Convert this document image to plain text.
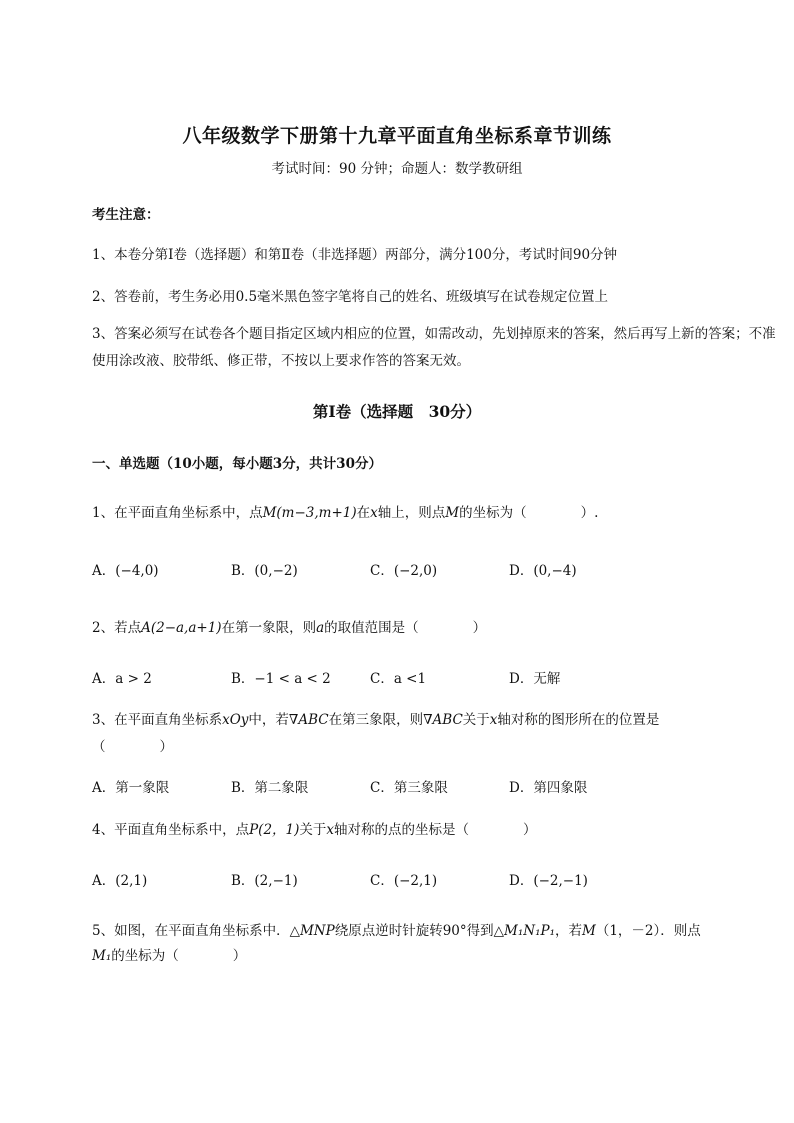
八年级数学下册第十九章平面直角坐标系章节训练
考试时间：90 分钟；命题人：数学教研组
考生注意：
1、本卷分第Ⅰ卷（选择题）和第Ⅱ卷（非选择题）两部分，满分100分，考试时间90分钟
2、答卷前，考生务必用0.5毫米黑色签字笔将自己的姓名、班级填写在试卷规定位置上
3、答案必须写在试卷各个题目指定区域内相应的位置，如需改动，先划掉原来的答案，然后再写上新的答案；不准使用涂改液、胶带纸、修正带，不按以上要求作答的答案无效。
第Ⅰ卷（选择题　30分）
一、单选题（10小题，每小题3分，共计30分）
1、在平面直角坐标系中，点M(m−3,m+1)在x轴上，则点M的坐标为（　　　　）.
A．(−4,0)	B．(0,−2)	C．(−2,0)	D．(0,−4)
2、若点A(2−a,a+1)在第一象限，则a的取值范围是（　　　　）
A．a > 2	B．−1 < a < 2	C．a <1	D．无解
3、在平面直角坐标系xOy中，若∇ABC在第三象限，则∇ABC关于x轴对称的图形所在的位置是
（　　　　）
A．第一象限	B．第二象限	C．第三象限	D．第四象限
4、平面直角坐标系中，点P(2，1)关于x轴对称的点的坐标是（　　　　）
A．(2,1)	B．(2,−1)	C．(−2,1)	D．(−2,−1)
5、如图，在平面直角坐标系中．△MNP绕原点逆时针旋转90°得到△M₁N₁P₁，若M（1，－2）．则点
M₁的坐标为（　　　　）
